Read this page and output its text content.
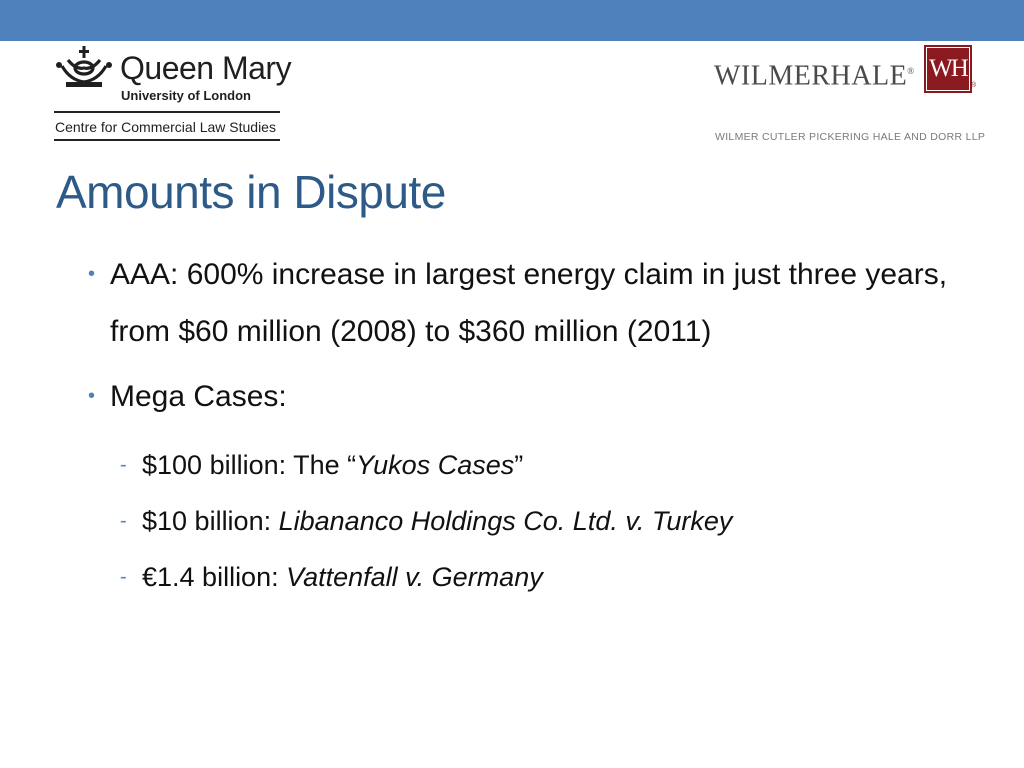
Queen Mary
University of London
Centre for Commercial Law Studies
WILMERHALE® WH
®
WILMER CUTLER PICKERING HALE AND DORR LLP
Amounts in Dispute
• AAA: 600% increase in largest energy claim in just three years, from $60 million (2008) to $360 million (2011)
• Mega Cases:
- $100 billion: The “Yukos Cases”
- $10 billion: Libananco Holdings Co. Ltd. v. Turkey
- €1.4 billion: Vattenfall v. Germany
